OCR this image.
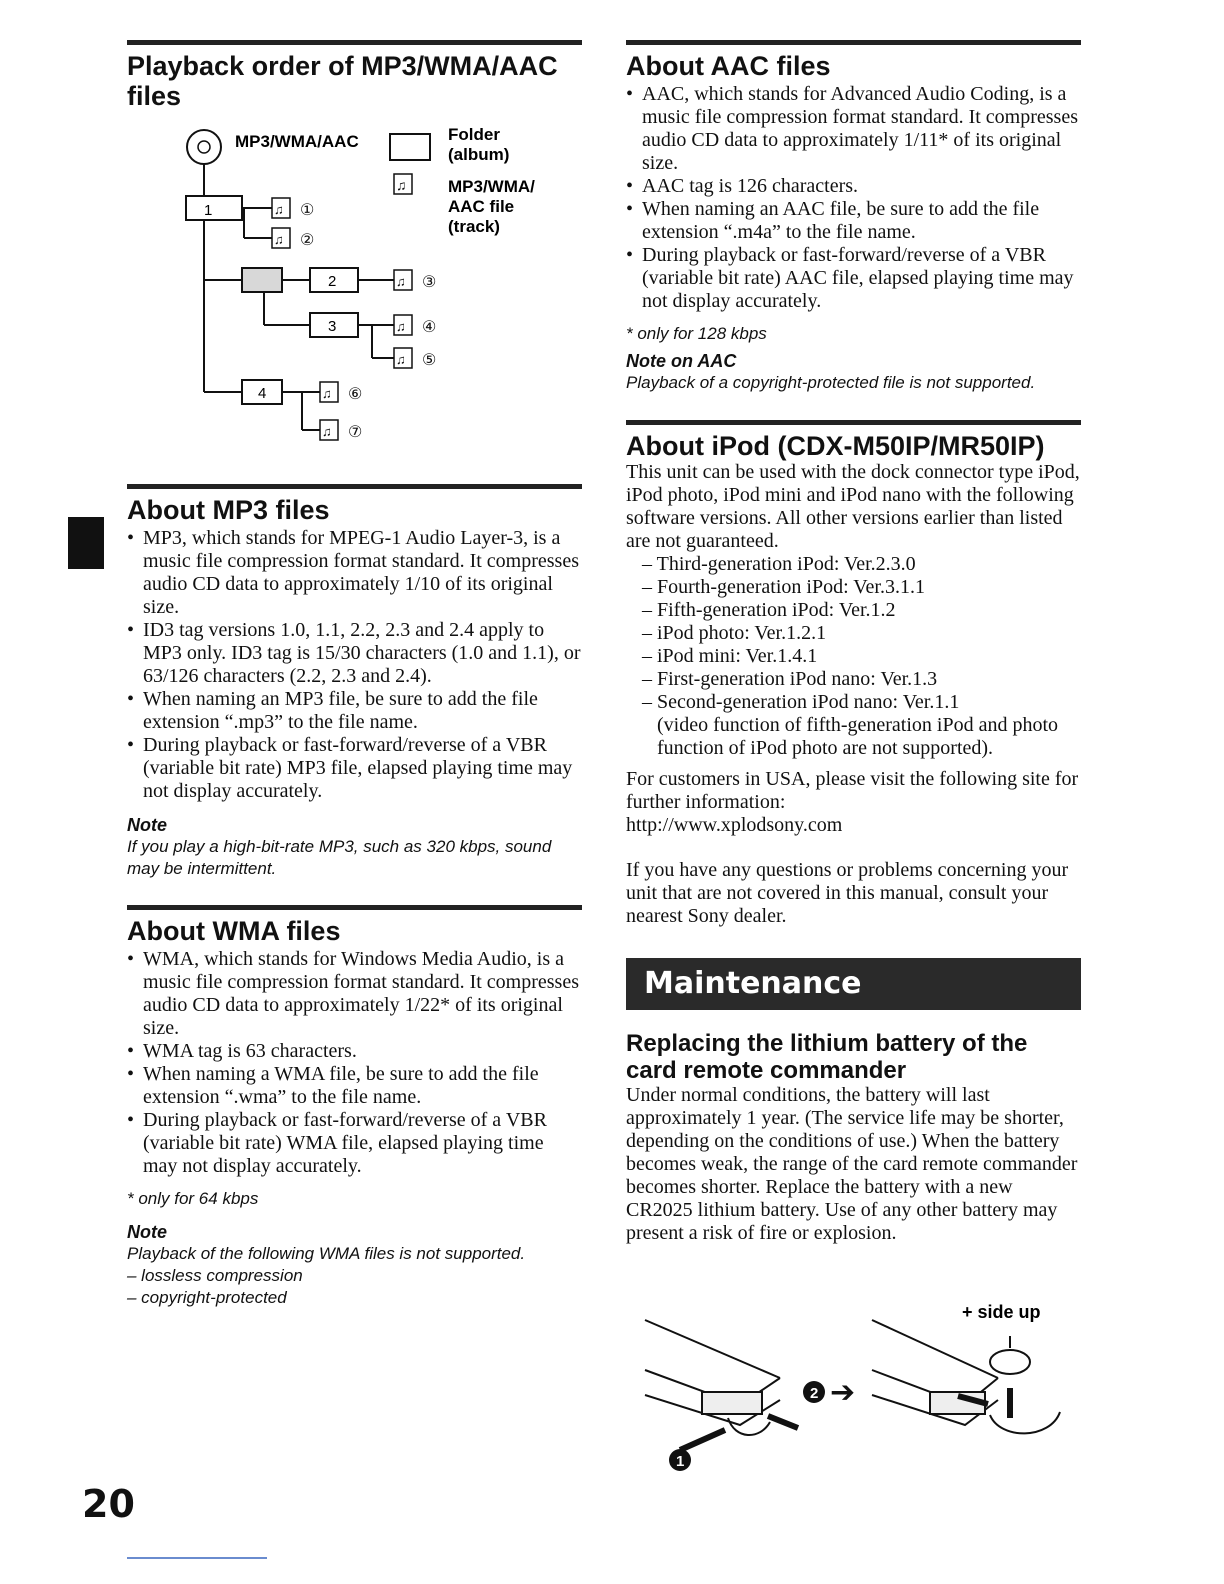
Playback order of MP3/WMA/AAC files
MP3/WMA/AAC	Folder
(album)
♫ MP3/WMA/
AAC file
(track)
1
2
3
4
♫ ①
♫ ②
♫ ③
♫ ④
♫ ⑤
♫ ⑥
♫ ⑦
About MP3 files
• MP3, which stands for MPEG-1 Audio Layer-3, is a music file compression format standard. It compresses audio CD data to approximately 1/10 of its original size.
• ID3 tag versions 1.0, 1.1, 2.2, 2.3 and 2.4 apply to MP3 only. ID3 tag is 15/30 characters (1.0 and 1.1), or 63/126 characters (2.2, 2.3 and 2.4).
• When naming an MP3 file, be sure to add the file extension “.mp3” to the file name.
• During playback or fast-forward/reverse of a VBR (variable bit rate) MP3 file, elapsed playing time may not display accurately.
Note
If you play a high-bit-rate MP3, such as 320 kbps, sound may be intermittent.
About WMA files
• WMA, which stands for Windows Media Audio, is a music file compression format standard. It compresses audio CD data to approximately 1/22* of its original size.
• WMA tag is 63 characters.
• When naming a WMA file, be sure to add the file extension “.wma” to the file name.
• During playback or fast-forward/reverse of a VBR (variable bit rate) WMA file, elapsed playing time may not display accurately.
* only for 64 kbps
Note
Playback of the following WMA files is not supported.
– lossless compression
– copyright-protected
20
About AAC files
• AAC, which stands for Advanced Audio Coding, is a music file compression format standard. It compresses audio CD data to approximately 1/11* of its original size.
• AAC tag is 126 characters.
• When naming an AAC file, be sure to add the file extension “.m4a” to the file name.
• During playback or fast-forward/reverse of a VBR (variable bit rate) AAC file, elapsed playing time may not display accurately.
* only for 128 kbps
Note on AAC
Playback of a copyright-protected file is not supported.
About iPod (CDX-M50IP/MR50IP)

This unit can be used with the dock connector type iPod, iPod photo, iPod mini and iPod nano with the following software versions. All other versions earlier than listed are not guaranteed.

– Third-generation iPod: Ver.2.3.0
– Fourth-generation iPod: Ver.3.1.1
– Fifth-generation iPod: Ver.1.2
– iPod photo: Ver.1.2.1
– iPod mini: Ver.1.4.1
– First-generation iPod nano: Ver.1.3
– Second-generation iPod nano: Ver.1.1
(video function of fifth-generation iPod and photo function of iPod photo are not supported).

For customers in USA, please visit the following site for further information:

http://www.xplodsony.com

If you have any questions or problems concerning your unit that are not covered in this manual, consult your nearest Sony dealer.

Maintenance
Replacing the lithium battery of the card remote commander

Under normal conditions, the battery will last approximately 1 year. (The service life may be shorter, depending on the conditions of use.) When the battery becomes weak, the range of the card remote commander becomes shorter. Replace the battery with a new CR2025 lithium battery. Use of any other battery may present a risk of fire or explosion.

+ side up
1
2 ➔
